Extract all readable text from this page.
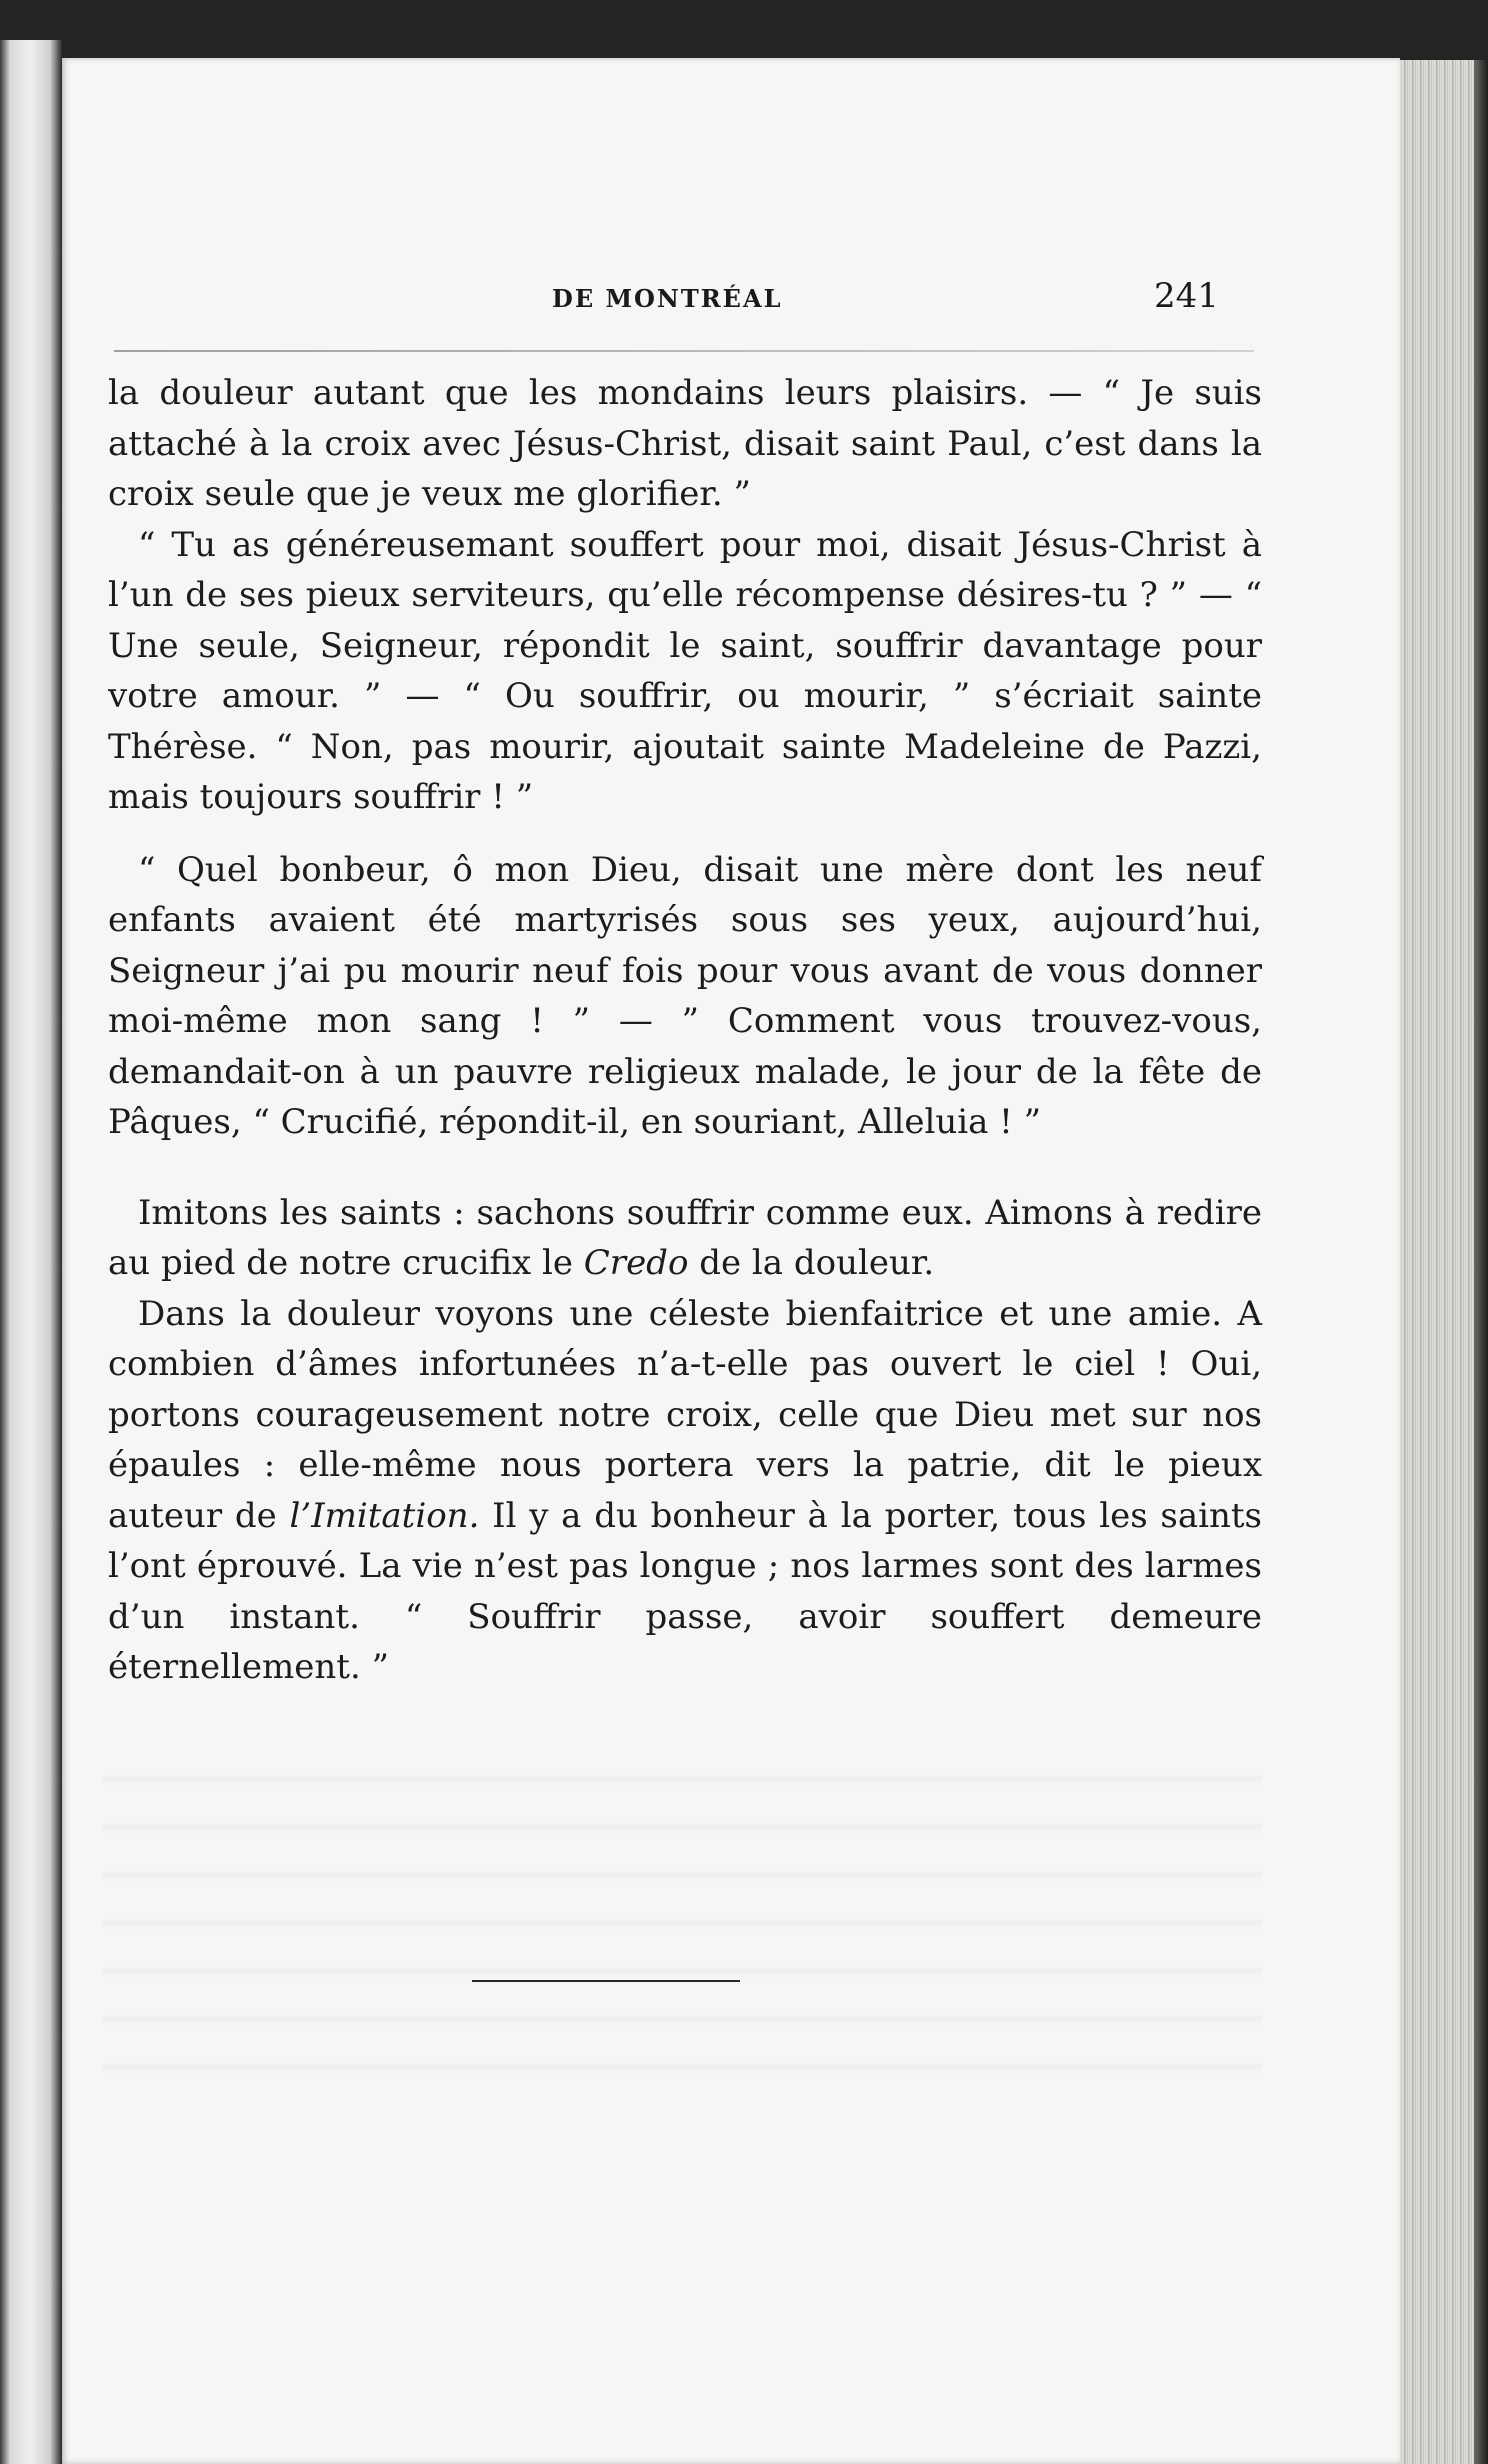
DE MONTRÉAL	241

la douleur autant que les mondains leurs plaisirs. — “ Je suis attaché à la croix avec Jésus-Christ, disait saint Paul, c’est dans la croix seule que je veux me glorifier. ”

“ Tu as généreusemant souffert pour moi, disait Jésus-Christ à l’un de ses pieux serviteurs, qu’elle récompense désires-tu ? ” — “ Une seule, Seigneur, répondit le saint, souffrir davantage pour votre amour. ” — “ Ou souffrir, ou mourir, ” s’écriait sainte Thérèse. “ Non, pas mourir, ajoutait sainte Madeleine de Pazzi, mais toujours souffrir ! ”

“ Quel bonbeur, ô mon Dieu, disait une mère dont les neuf enfants avaient été martyrisés sous ses yeux, aujourd’hui, Seigneur j’ai pu mourir neuf fois pour vous avant de vous donner moi-même mon sang ! ” — ” Comment vous trouvez-vous, demandait-on à un pauvre religieux malade, le jour de la fête de Pâques, “ Crucifié, répondit-il, en souriant, Alleluia ! ”

Imitons les saints : sachons souffrir comme eux. Aimons à redire au pied de notre crucifix le Credo de la douleur.

Dans la douleur voyons une céleste bienfaitrice et une amie. A combien d’âmes infortunées n’a-t-elle pas ouvert le ciel ! Oui, portons courageusement notre croix, celle que Dieu met sur nos épaules : elle-même nous portera vers la patrie, dit le pieux auteur de l’Imitation. Il y a du bonheur à la porter, tous les saints l’ont éprouvé. La vie n’est pas longue ; nos larmes sont des larmes d’un instant. “ Souffrir passe, avoir souffert demeure éternellement. ”
